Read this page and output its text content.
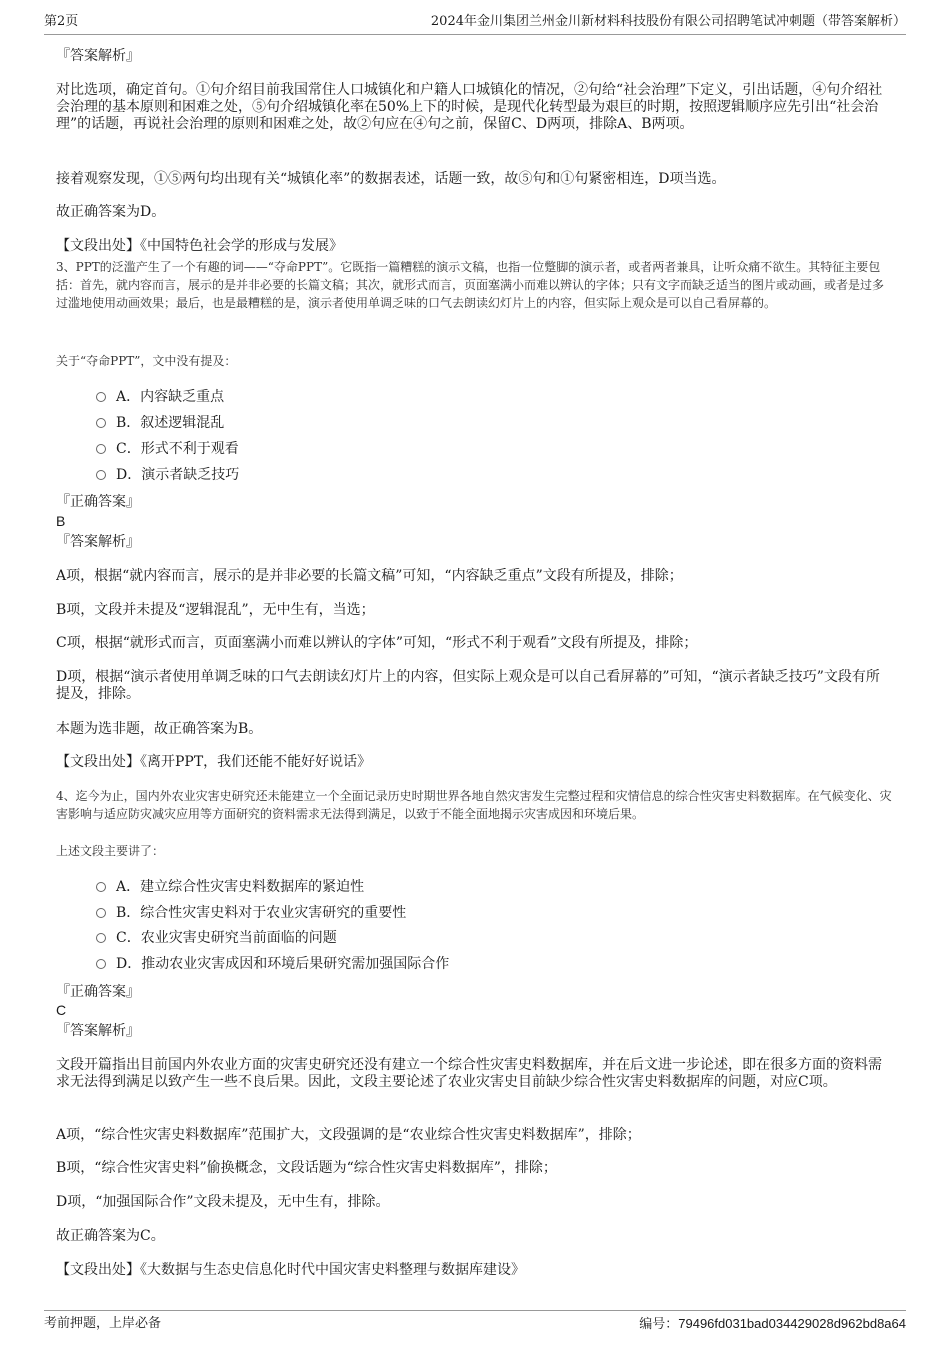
第2页	2024年金川集团兰州金川新材料科技股份有限公司招聘笔试冲刺题（带答案解析）

『答案解析』

对比选项，确定首句。①句介绍目前我国常住人口城镇化和户籍人口城镇化的情况，②句给“社会治理”下定义，引出话题，④句介绍社会治理的基本原则和困难之处，⑤句介绍城镇化率在50%上下的时候，是现代化转型最为艰巨的时期，按照逻辑顺序应先引出“社会治理”的话题，再说社会治理的原则和困难之处，故②句应在④句之前，保留C、D两项，排除A、B两项。

接着观察发现，①⑤两句均出现有关“城镇化率”的数据表述，话题一致，故⑤句和①句紧密相连，D项当选。

故正确答案为D。

【文段出处】《中国特色社会学的形成与发展》

3、PPT的泛滥产生了一个有趣的词——“夺命PPT”。它既指一篇糟糕的演示文稿，也指一位蹩脚的演示者，或者两者兼具，让听众痛不欲生。其特征主要包括：首先，就内容而言，展示的是并非必要的长篇文稿；其次，就形式而言，页面塞满小而难以辨认的字体；只有文字而缺乏适当的图片或动画，或者是过多过滥地使用动画效果；最后，也是最糟糕的是，演示者使用单调乏味的口气去朗读幻灯片上的内容，但实际上观众是可以自己看屏幕的。

关于“夺命PPT”，文中没有提及：

A．内容缺乏重点
B．叙述逻辑混乱
C．形式不利于观看
D．演示者缺乏技巧

『正确答案』

B

『答案解析』

A项，根据“就内容而言，展示的是并非必要的长篇文稿”可知，“内容缺乏重点”文段有所提及，排除；

B项，文段并未提及“逻辑混乱”，无中生有，当选；

C项，根据“就形式而言，页面塞满小而难以辨认的字体”可知，“形式不利于观看”文段有所提及，排除；

D项，根据“演示者使用单调乏味的口气去朗读幻灯片上的内容，但实际上观众是可以自己看屏幕的”可知，“演示者缺乏技巧”文段有所提及，排除。

本题为选非题，故正确答案为B。

【文段出处】《离开PPT，我们还能不能好好说话》

4、迄今为止，国内外农业灾害史研究还未能建立一个全面记录历史时期世界各地自然灾害发生完整过程和灾情信息的综合性灾害史料数据库。在气候变化、灾害影响与适应防灾减灾应用等方面研究的资料需求无法得到满足，以致于不能全面地揭示灾害成因和环境后果。

上述文段主要讲了：

A．建立综合性灾害史料数据库的紧迫性
B．综合性灾害史料对于农业灾害研究的重要性
C．农业灾害史研究当前面临的问题
D．推动农业灾害成因和环境后果研究需加强国际合作

『正确答案』

C

『答案解析』

文段开篇指出目前国内外农业方面的灾害史研究还没有建立一个综合性灾害史料数据库，并在后文进一步论述，即在很多方面的资料需求无法得到满足以致产生一些不良后果。因此，文段主要论述了农业灾害史目前缺少综合性灾害史料数据库的问题，对应C项。

A项，“综合性灾害史料数据库”范围扩大，文段强调的是“农业综合性灾害史料数据库”，排除；

B项，“综合性灾害史料”偷换概念，文段话题为“综合性灾害史料数据库”，排除；

D项，“加强国际合作”文段未提及，无中生有，排除。

故正确答案为C。

【文段出处】《大数据与生态史信息化时代中国灾害史料整理与数据库建设》

考前押题，上岸必备	编号：79496fd031bad034429028d962bd8a64
